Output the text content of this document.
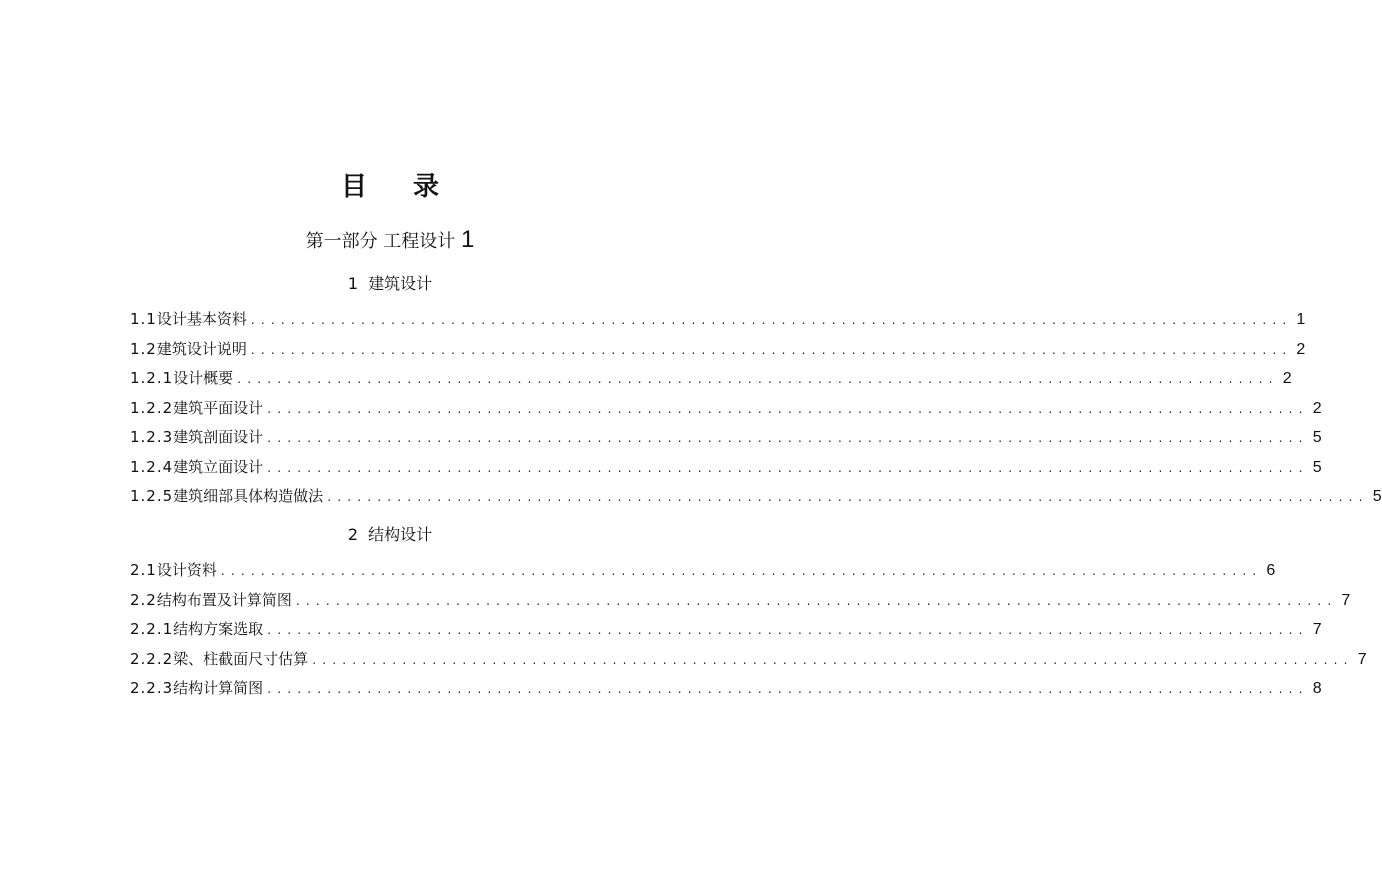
目 录
第一部分 工程设计 1
1 建筑设计
1.1 设计基本资料 ........................................................................................................ 1
1.2 建筑设计说明 ........................................................................................................ 2
1.2.1 设计概要 ........................................................................................................ 2
1.2.2 建筑平面设计 ........................................................................................................ 2
1.2.3 建筑剖面设计 ........................................................................................................ 5
1.2.4 建筑立面设计 ........................................................................................................ 5
1.2.5 建筑细部具体构造做法 ........................................................................................................ 5
2 结构设计
2.1 设计资料 ........................................................................................................ 6
2.2 结构布置及计算简图 ........................................................................................................ 7
2.2.1 结构方案选取 ........................................................................................................ 7
2.2.2 梁、柱截面尺寸估算 ........................................................................................................ 7
2.2.3 结构计算简图 ........................................................................................................ 8
